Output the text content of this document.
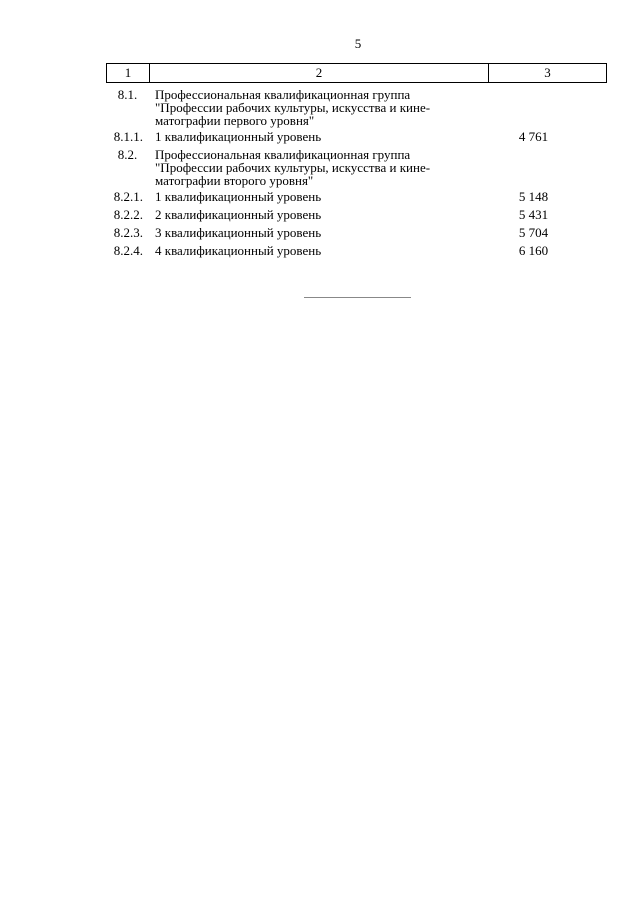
5
1	2	3
8.1.	Профессиональная квалификационная группа
"Профессии рабочих культуры, искусства и кине-
матографии первого уровня"
8.1.1. 1 квалификационный уровень	4 761
8.2.	Профессиональная квалификационная группа
"Профессии рабочих культуры, искусства и кине-
матографии второго уровня"
8.2.1. 1 квалификационный уровень	5 148
8.2.2. 2 квалификационный уровень	5 431
8.2.3. 3 квалификационный уровень	5 704
8.2.4. 4 квалификационный уровень	6 160
